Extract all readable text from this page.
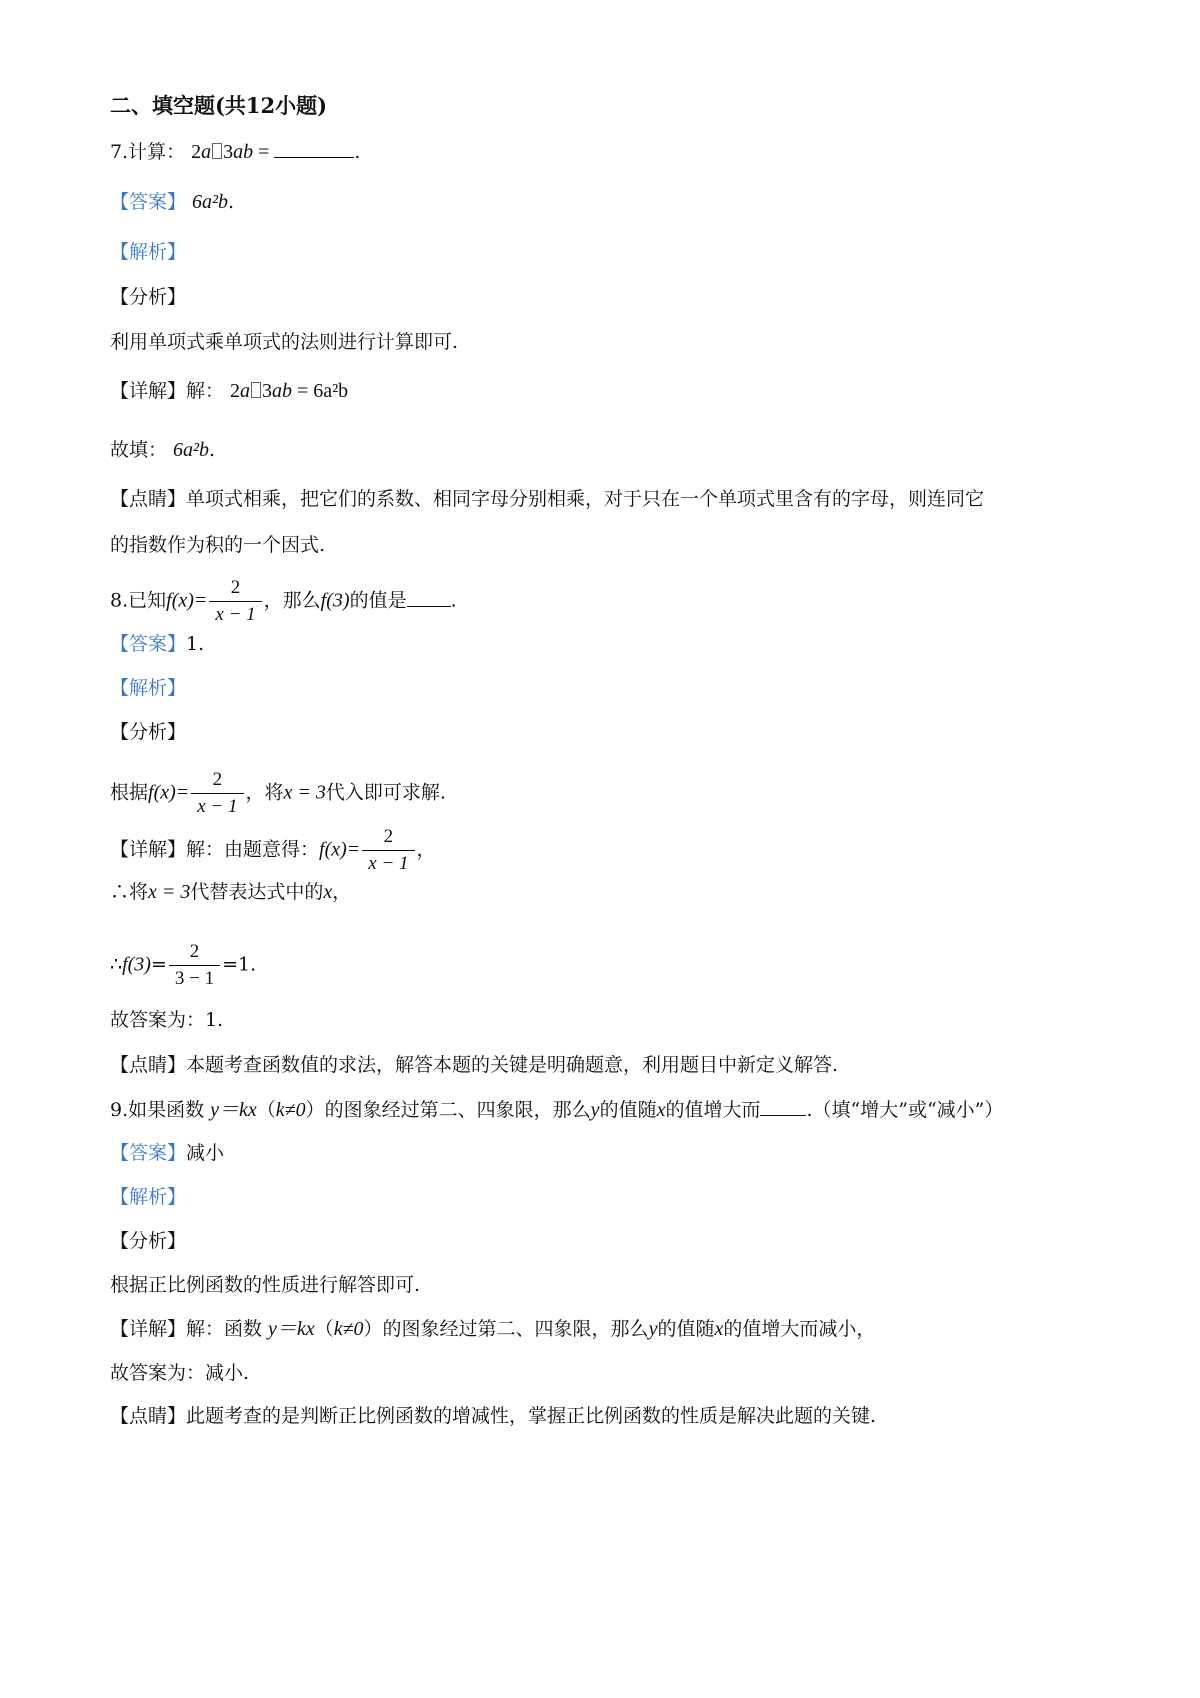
二、填空题(共12小题)
7.计算： 2a 3ab =	.
【答案】 6a²b.
【解析】
【分析】
利用单项式乘单项式的法则进行计算即可.
【详解】解： 2a 3ab = 6a²b
故填： 6a²b.
【点睛】单项式相乘，把它们的系数、相同字母分别相乘，对于只在一个单项式里含有的字母，则连同它
的指数作为积的一个因式.
8.已知$f(x)= \frac{2}{x - 1}$ ，那么f(3)的值是 .
【答案】1.
【解析】
【分析】
根据$f(x)= \frac{2}{x - 1}$ ，将x = 3代入即可求解.
【详解】解：由题意得：$f(x)= \frac{2}{x - 1}$ ，
∴将x = 3代替表达式中的x，
∴f(3)= $\frac{2}{3 - 1} =1$.
故答案为：1.
【点睛】本题考查函数值的求法，解答本题的关键是明确题意，利用题目中新定义解答.
9.如果函数 y＝kx（k≠0）的图象经过第二、四象限，那么y的值随x的值增大而 .（填“增大”或“减小”）
【答案】减小
【解析】
【分析】
根据正比例函数的性质进行解答即可.
【详解】解：函数 y＝kx（k≠0）的图象经过第二、四象限，那么y的值随x的值增大而减小，
故答案为：减小.
【点睛】此题考查的是判断正比例函数的增减性，掌握正比例函数的性质是解决此题的关键.
